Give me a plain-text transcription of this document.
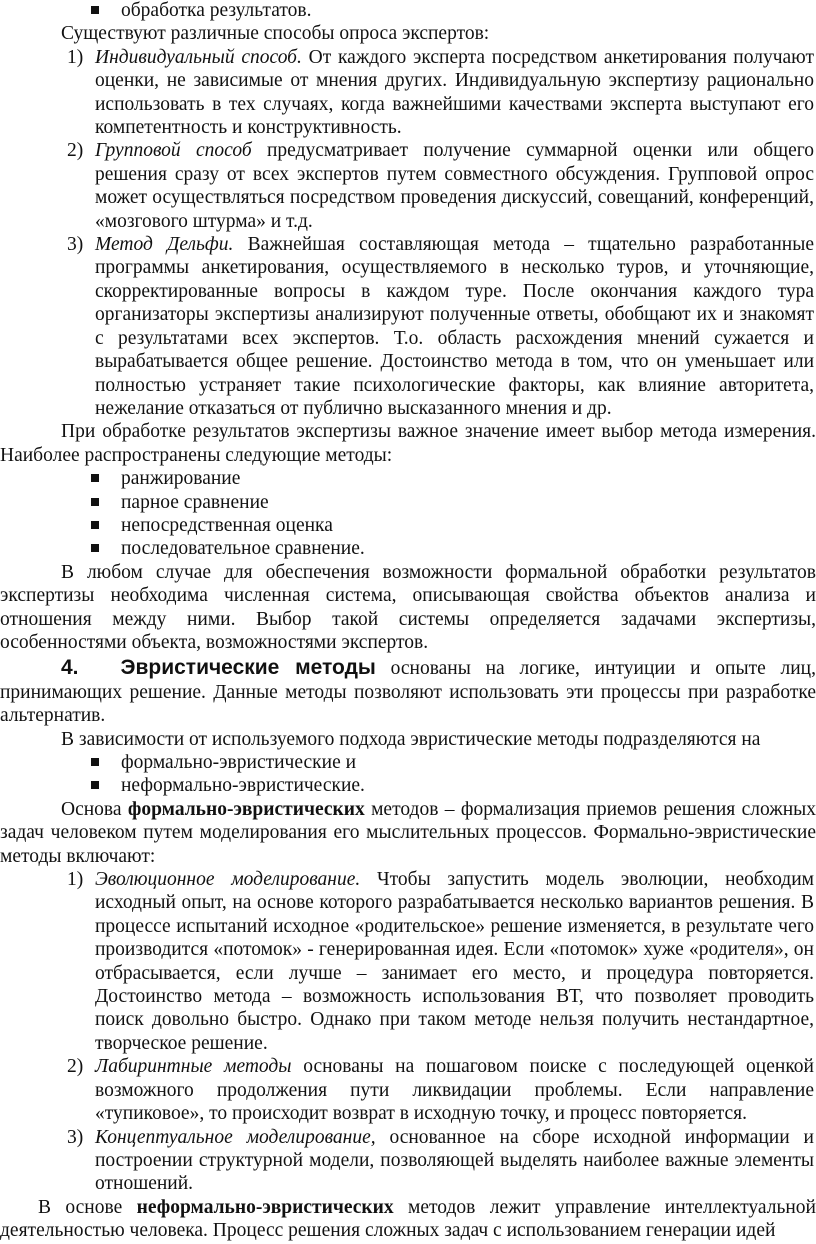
обработка результатов.

Существуют различные способы опроса экспертов:

1) Индивидуальный способ. От каждого эксперта посредством анкетирования получают оценки, не зависимые от мнения других. Индивидуальную экспертизу рационально использовать в тех случаях, когда важнейшими качествами эксперта выступают его компетентность и конструктивность.
2) Групповой способ предусматривает получение суммарной оценки или общего решения сразу от всех экспертов путем совместного обсуждения. Групповой опрос может осуществляться посредством проведения дискуссий, совещаний, конференций, «мозгового штурма» и т.д.
3) Метод Дельфи. Важнейшая составляющая метода – тщательно разработанные программы анкетирования, осуществляемого в несколько туров, и уточняющие, скорректированные вопросы в каждом туре. После окончания каждого тура организаторы экспертизы анализируют полученные ответы, обобщают их и знакомят с результатами всех экспертов. Т.о. область расхождения мнений сужается и вырабатывается общее решение. Достоинство метода в том, что он уменьшает или полностью устраняет такие психологические факторы, как влияние авторитета, нежелание отказаться от публично высказанного мнения и др.

При обработке результатов экспертизы важное значение имеет выбор метода измерения. Наиболее распространены следующие методы:

ранжирование
парное сравнение
непосредственная оценка
последовательное сравнение.

В любом случае для обеспечения возможности формальной обработки результатов экспертизы необходима численная система, описывающая свойства объектов анализа и отношения между ними. Выбор такой системы определяется задачами экспертизы, особенностями объекта, возможностями экспертов.

4. Эвристические методы основаны на логике, интуиции и опыте лиц, принимающих решение. Данные методы позволяют использовать эти процессы при разработке альтернатив.

В зависимости от используемого подхода эвристические методы подразделяются на

формально-эвристические и
неформально-эвристические.

Основа формально-эвристических методов – формализация приемов решения сложных задач человеком путем моделирования его мыслительных процессов. Формально-эвристические методы включают:

1) Эволюционное моделирование. Чтобы запустить модель эволюции, необходим исходный опыт, на основе которого разрабатывается несколько вариантов решения. В процессе испытаний исходное «родительское» решение изменяется, в результате чего производится «потомок» - генерированная идея. Если «потомок» хуже «родителя», он отбрасывается, если лучше – занимает его место, и процедура повторяется. Достоинство метода – возможность использования ВТ, что позволяет проводить поиск довольно быстро. Однако при таком методе нельзя получить нестандартное, творческое решение.
2) Лабиринтные методы основаны на пошаговом поиске с последующей оценкой возможного продолжения пути ликвидации проблемы. Если направление «тупиковое», то происходит возврат в исходную точку, и процесс повторяется.
3) Концептуальное моделирование, основанное на сборе исходной информации и построении структурной модели, позволяющей выделять наиболее важные элементы отношений.

В основе неформально-эвристических методов лежит управление интеллектуальной деятельностью человека. Процесс решения сложных задач с использованием генерации идей
